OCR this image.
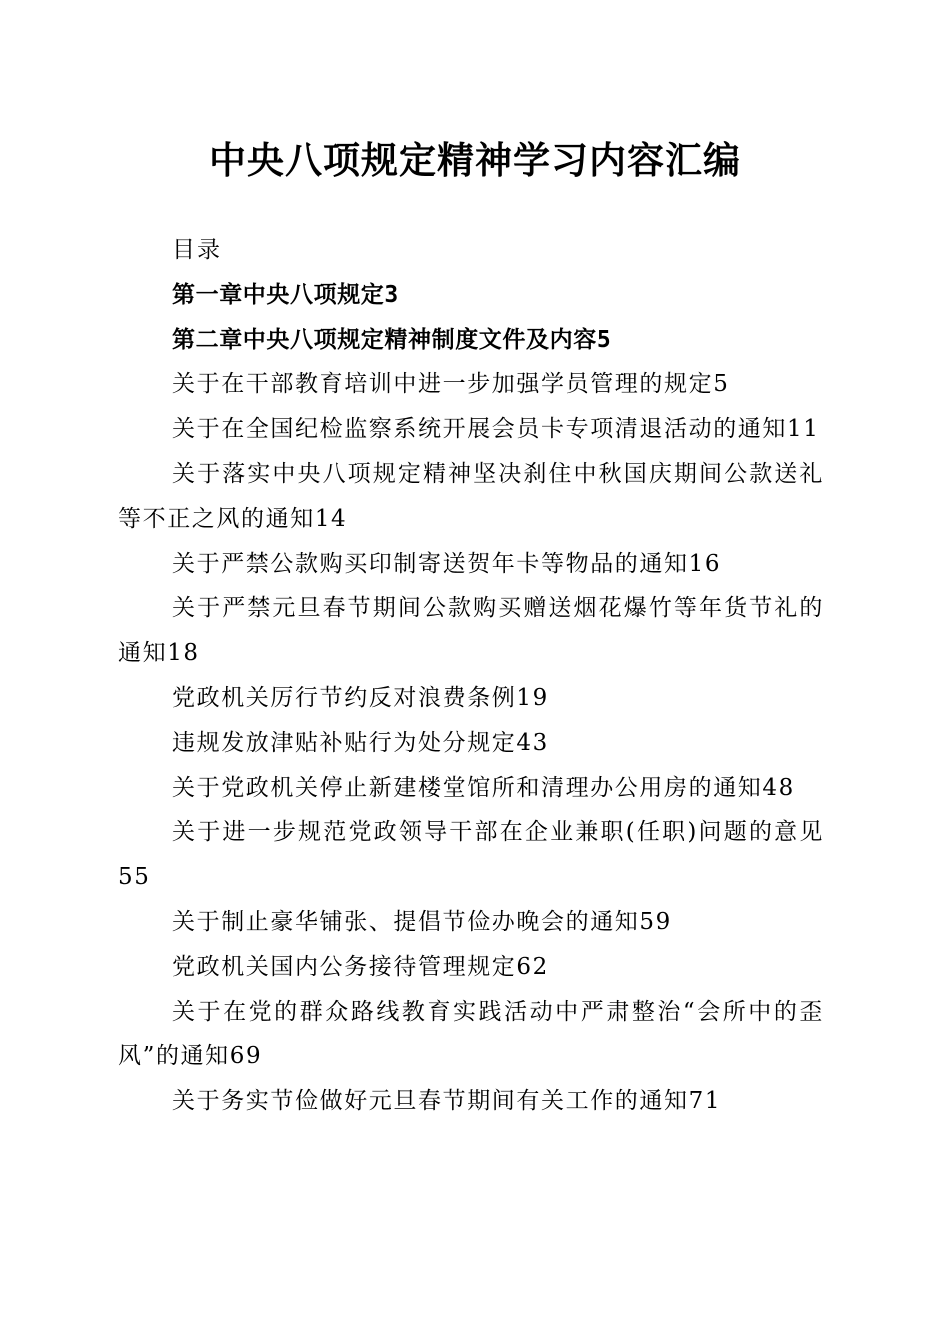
中央八项规定精神学习内容汇编

目录

第一章中央八项规定3

第二章中央八项规定精神制度文件及内容5

关于在干部教育培训中进一步加强学员管理的规定5

关于在全国纪检监察系统开展会员卡专项清退活动的通知11

关于落实中央八项规定精神坚决刹住中秋国庆期间公款送礼等不正之风的通知14

关于严禁公款购买印制寄送贺年卡等物品的通知16

关于严禁元旦春节期间公款购买赠送烟花爆竹等年货节礼的通知18

党政机关厉行节约反对浪费条例19

违规发放津贴补贴行为处分规定43

关于党政机关停止新建楼堂馆所和清理办公用房的通知48

关于进一步规范党政领导干部在企业兼职(任职)问题的意见55

关于制止豪华铺张、提倡节俭办晚会的通知59

党政机关国内公务接待管理规定62

关于在党的群众路线教育实践活动中严肃整治“会所中的歪风”的通知69

关于务实节俭做好元旦春节期间有关工作的通知71
